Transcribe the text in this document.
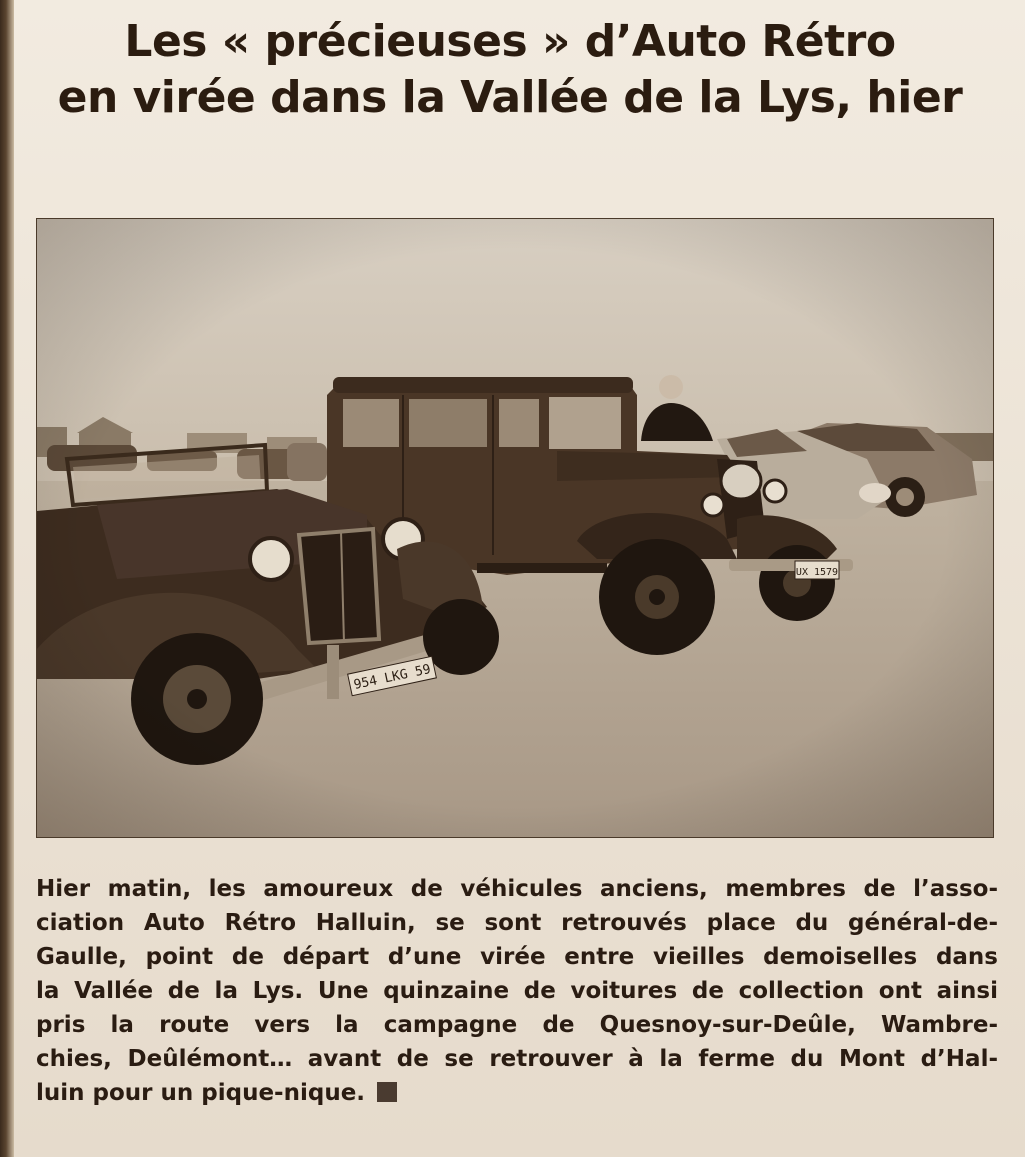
Les « précieuses » d’Auto Rétro
en virée dans la Vallée de la Lys, hier

Hier matin, les amoureux de véhicules anciens, membres de l’asso-
ciation Auto Rétro Halluin, se sont retrouvés place du général-de-
Gaulle, point de départ d’une virée entre vieilles demoiselles dans
la Vallée de la Lys. Une quinzaine de voitures de collection ont ainsi
pris la route vers la campagne de Quesnoy-sur-Deûle, Wambre-
chies, Deûlémont… avant de se retrouver à la ferme du Mont d’Hal-
luin pour un pique-nique.
